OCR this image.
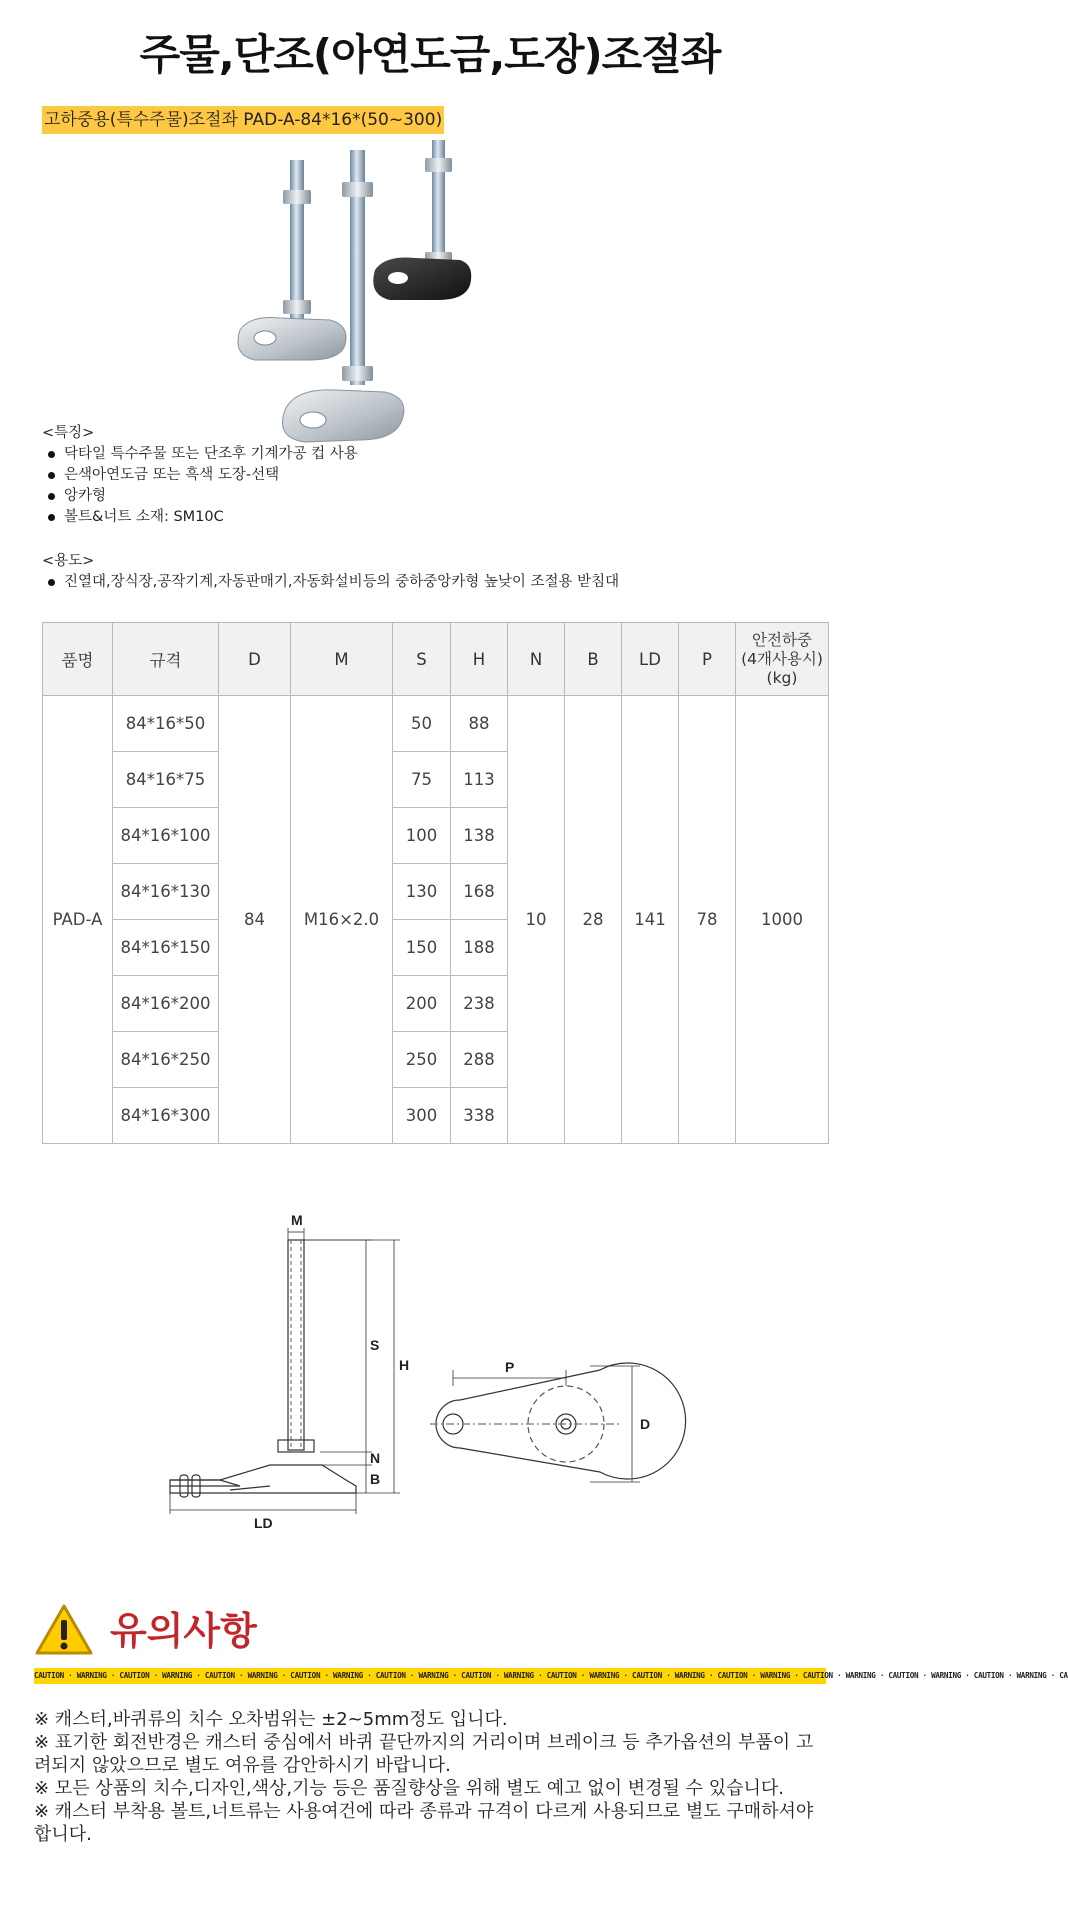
주물,단조(아연도금,도장)조절좌
고하중용(특수주물)조절좌 PAD-A-84*16*(50~300)
<특징>
닥타일 특수주물 또는 단조후 기계가공 컵 사용
은색아연도금 또는 흑색 도장-선택
앙카형
볼트&너트 소재: SM10C
<용도>
진열대,장식장,공작기계,자동판매기,자동화설비등의 중하중앙카형 높낮이 조절용 받침대
품명	규격	D	M	S	H	N	B	LD	P	안전하중
(4개사용시)
(kg)

PAD-A	84*16*50	84	M16×2.0	50	88	10	28	141	78	1000
	84*16*75			75	113					
	84*16*100			100	138					
	84*16*130			130	168					
	84*16*150			150	188					
	84*16*200			200	238					
	84*16*250			250	288					
	84*16*300			300	338					
M
S
H
N
B
LD
P
D
유의사항
CAUTION · WARNING · CAUTION · WARNING · CAUTION · WARNING · CAUTION · WARNING · CAUTION · WARNING · CAUTION · WARNING · CAUTION · WARNING · CAUTION · WARNING · CAUTION · WARNING · CAUTION · WARNING · CAUTION · WARNING · CAUTION · WARNING · CA

※ 캐스터,바퀴류의 치수 오차범위는 ±2~5mm정도 입니다.

※ 표기한 회전반경은 캐스터 중심에서 바퀴 끝단까지의 거리이며 브레이크 등 추가옵션의 부품이 고려되지 않았으므로 별도 여유를 감안하시기 바랍니다.

※ 모든 상품의 치수,디자인,색상,기능 등은 품질향상을 위해 별도 예고 없이 변경될 수 있습니다.

※ 캐스터 부착용 볼트,너트류는 사용여건에 따라 종류과 규격이 다르게 사용되므로 별도 구매하셔야 합니다.
